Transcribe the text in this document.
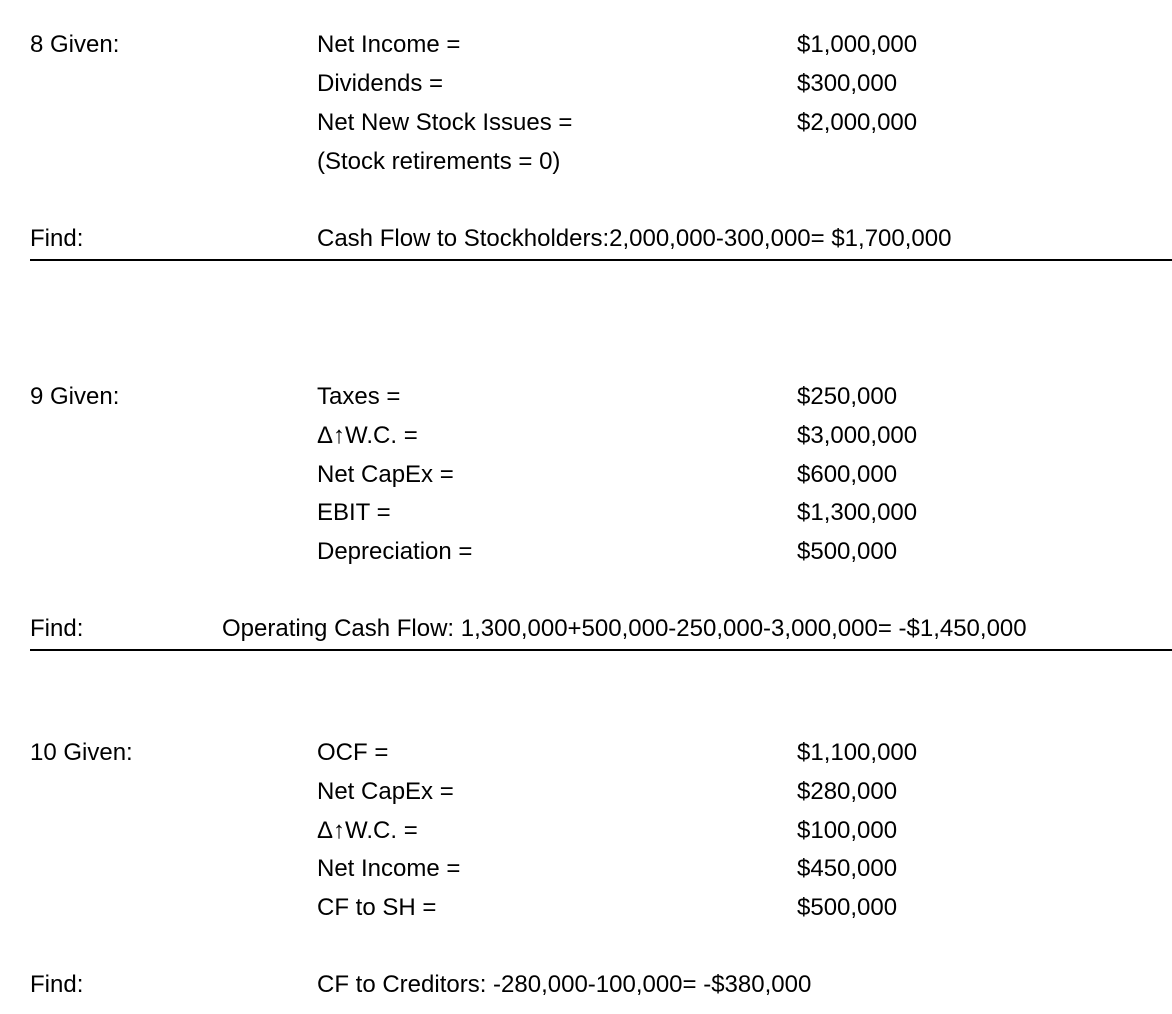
8 Given:	Net Income =	$1,000,000
Dividends =	$300,000
Net New Stock Issues =	$2,000,000
(Stock retirements = 0)
Find:	Cash Flow to Stockholders:2,000,000-300,000= $1,700,000
9 Given:	Taxes =	$250,000
Δ↑W.C. =	$3,000,000
Net CapEx =	$600,000
EBIT =	$1,300,000
Depreciation =	$500,000
Find:	Operating Cash Flow: 1,300,000+500,000-250,000-3,000,000= -$1,450,000
10 Given:	OCF =	$1,100,000
Net CapEx =	$280,000
Δ↑W.C. =	$100,000
Net Income =	$450,000
CF to SH =	$500,000
Find:	CF to Creditors: -280,000-100,000= -$380,000
